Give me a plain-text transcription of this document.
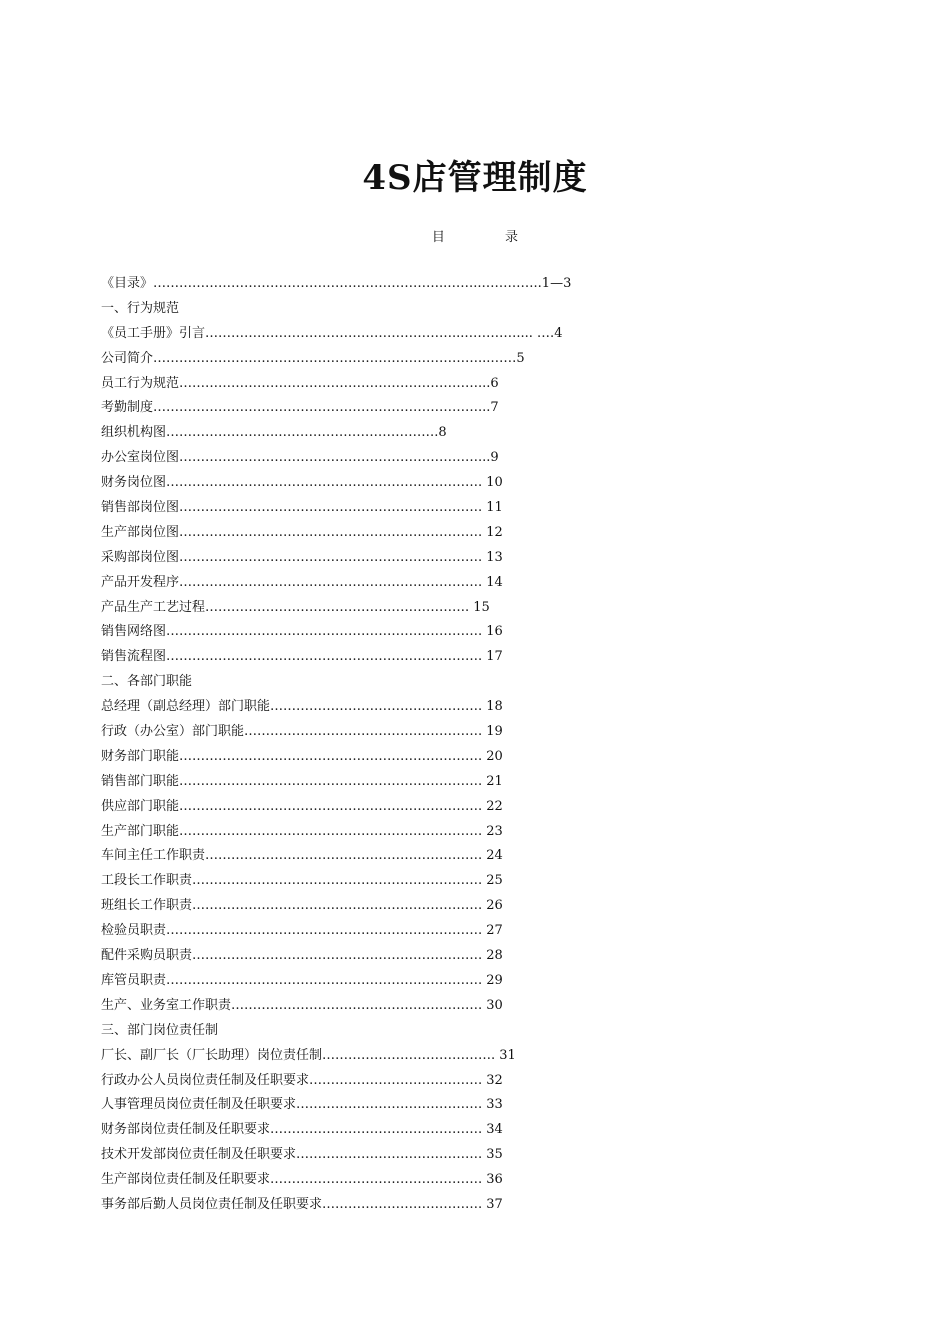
4S店管理制度
目 录
《目录》…………………………………………………………..……..…………..1—3
一、行为规范
《员工手册》引言…………………………………………………...………….... .…4
公司简介…………………………………………………………………...……5
员工行为规范……………………………………………………………...6
考勤制度…………………………………………………………………...7
组织机构图……………………..……………………………….8
办公室岗位图……………………………………………………………...9
财务岗位图………………………………………………………………. 10
销售部岗位图……………………………………………………………. 11
生产部岗位图……………………………………………………………. 12
采购部岗位图……………………………………………………………. 13
产品开发程序……………………………………………………………. 14
产品生产工艺过程……………………………………………………. 15
销售网络图………………………………………………………………. 16
销售流程图………………………………………………………………. 17
二、各部门职能
总经理（副总经理）部门职能…………………………………………. 18
行政（办公室）部门职能………………………………………………. 19
财务部门职能……………………………………………………………. 20
销售部门职能……………………………………………………………. 21
供应部门职能……………………………………………………………. 22
生产部门职能……………………………………………………………. 23
车间主任工作职责………………………………………………………. 24
工段长工作职责…………………………………………………………. 25
班组长工作职责…………………………………………………………. 26
检验员职责………………………………………………………………. 27
配件采购员职责…………………………………………………………. 28
库管员职责………………………………………………………………. 29
生产、业务室工作职责…………………………………………………. 30
三、部门岗位责任制
厂长、副厂长（厂长助理）岗位责任制…………………………………. 31
行政办公人员岗位责任制及任职要求…………………………………. 32
人事管理员岗位责任制及任职要求……………………………………. 33
财务部岗位责任制及任职要求…………………………………………. 34
技术开发部岗位责任制及任职要求……………………………………. 35
生产部岗位责任制及任职要求…………………………………………. 36
事务部后勤人员岗位责任制及任职要求………………………………. 37
